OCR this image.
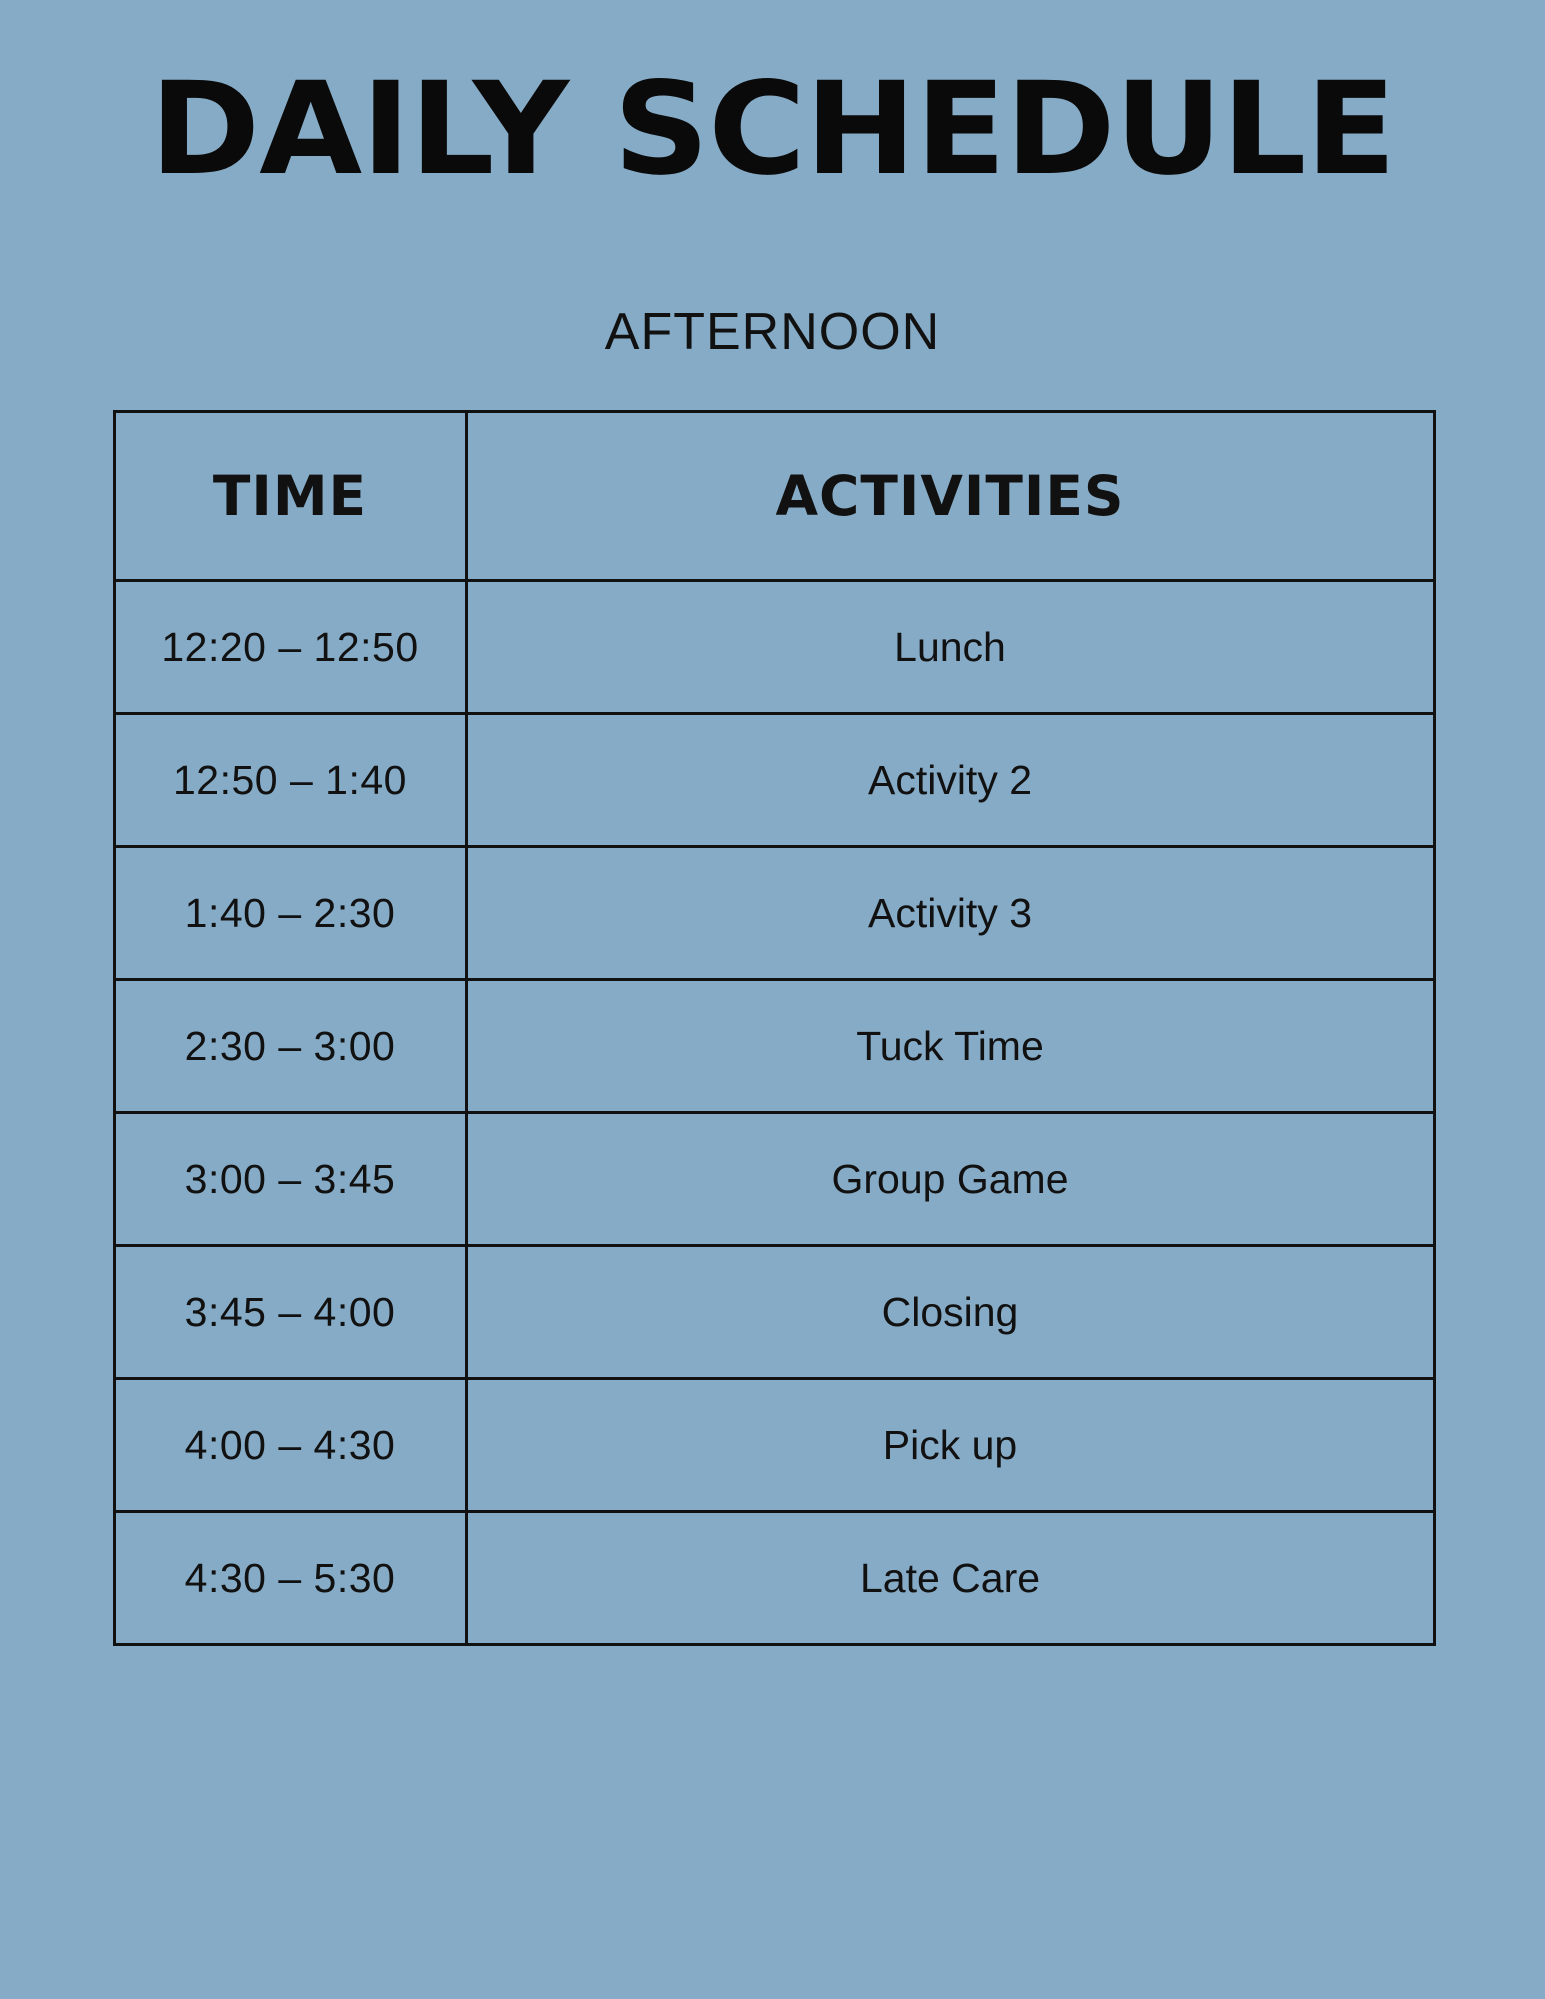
DAILY SCHEDULE
AFTERNOON
TIME	ACTIVITIES
12:20 – 12:50	Lunch
12:50 – 1:40	Activity 2
1:40 – 2:30	Activity 3
2:30 – 3:00	Tuck Time
3:00 – 3:45	Group Game
3:45 – 4:00	Closing
4:00 – 4:30	Pick up
4:30 – 5:30	Late Care
